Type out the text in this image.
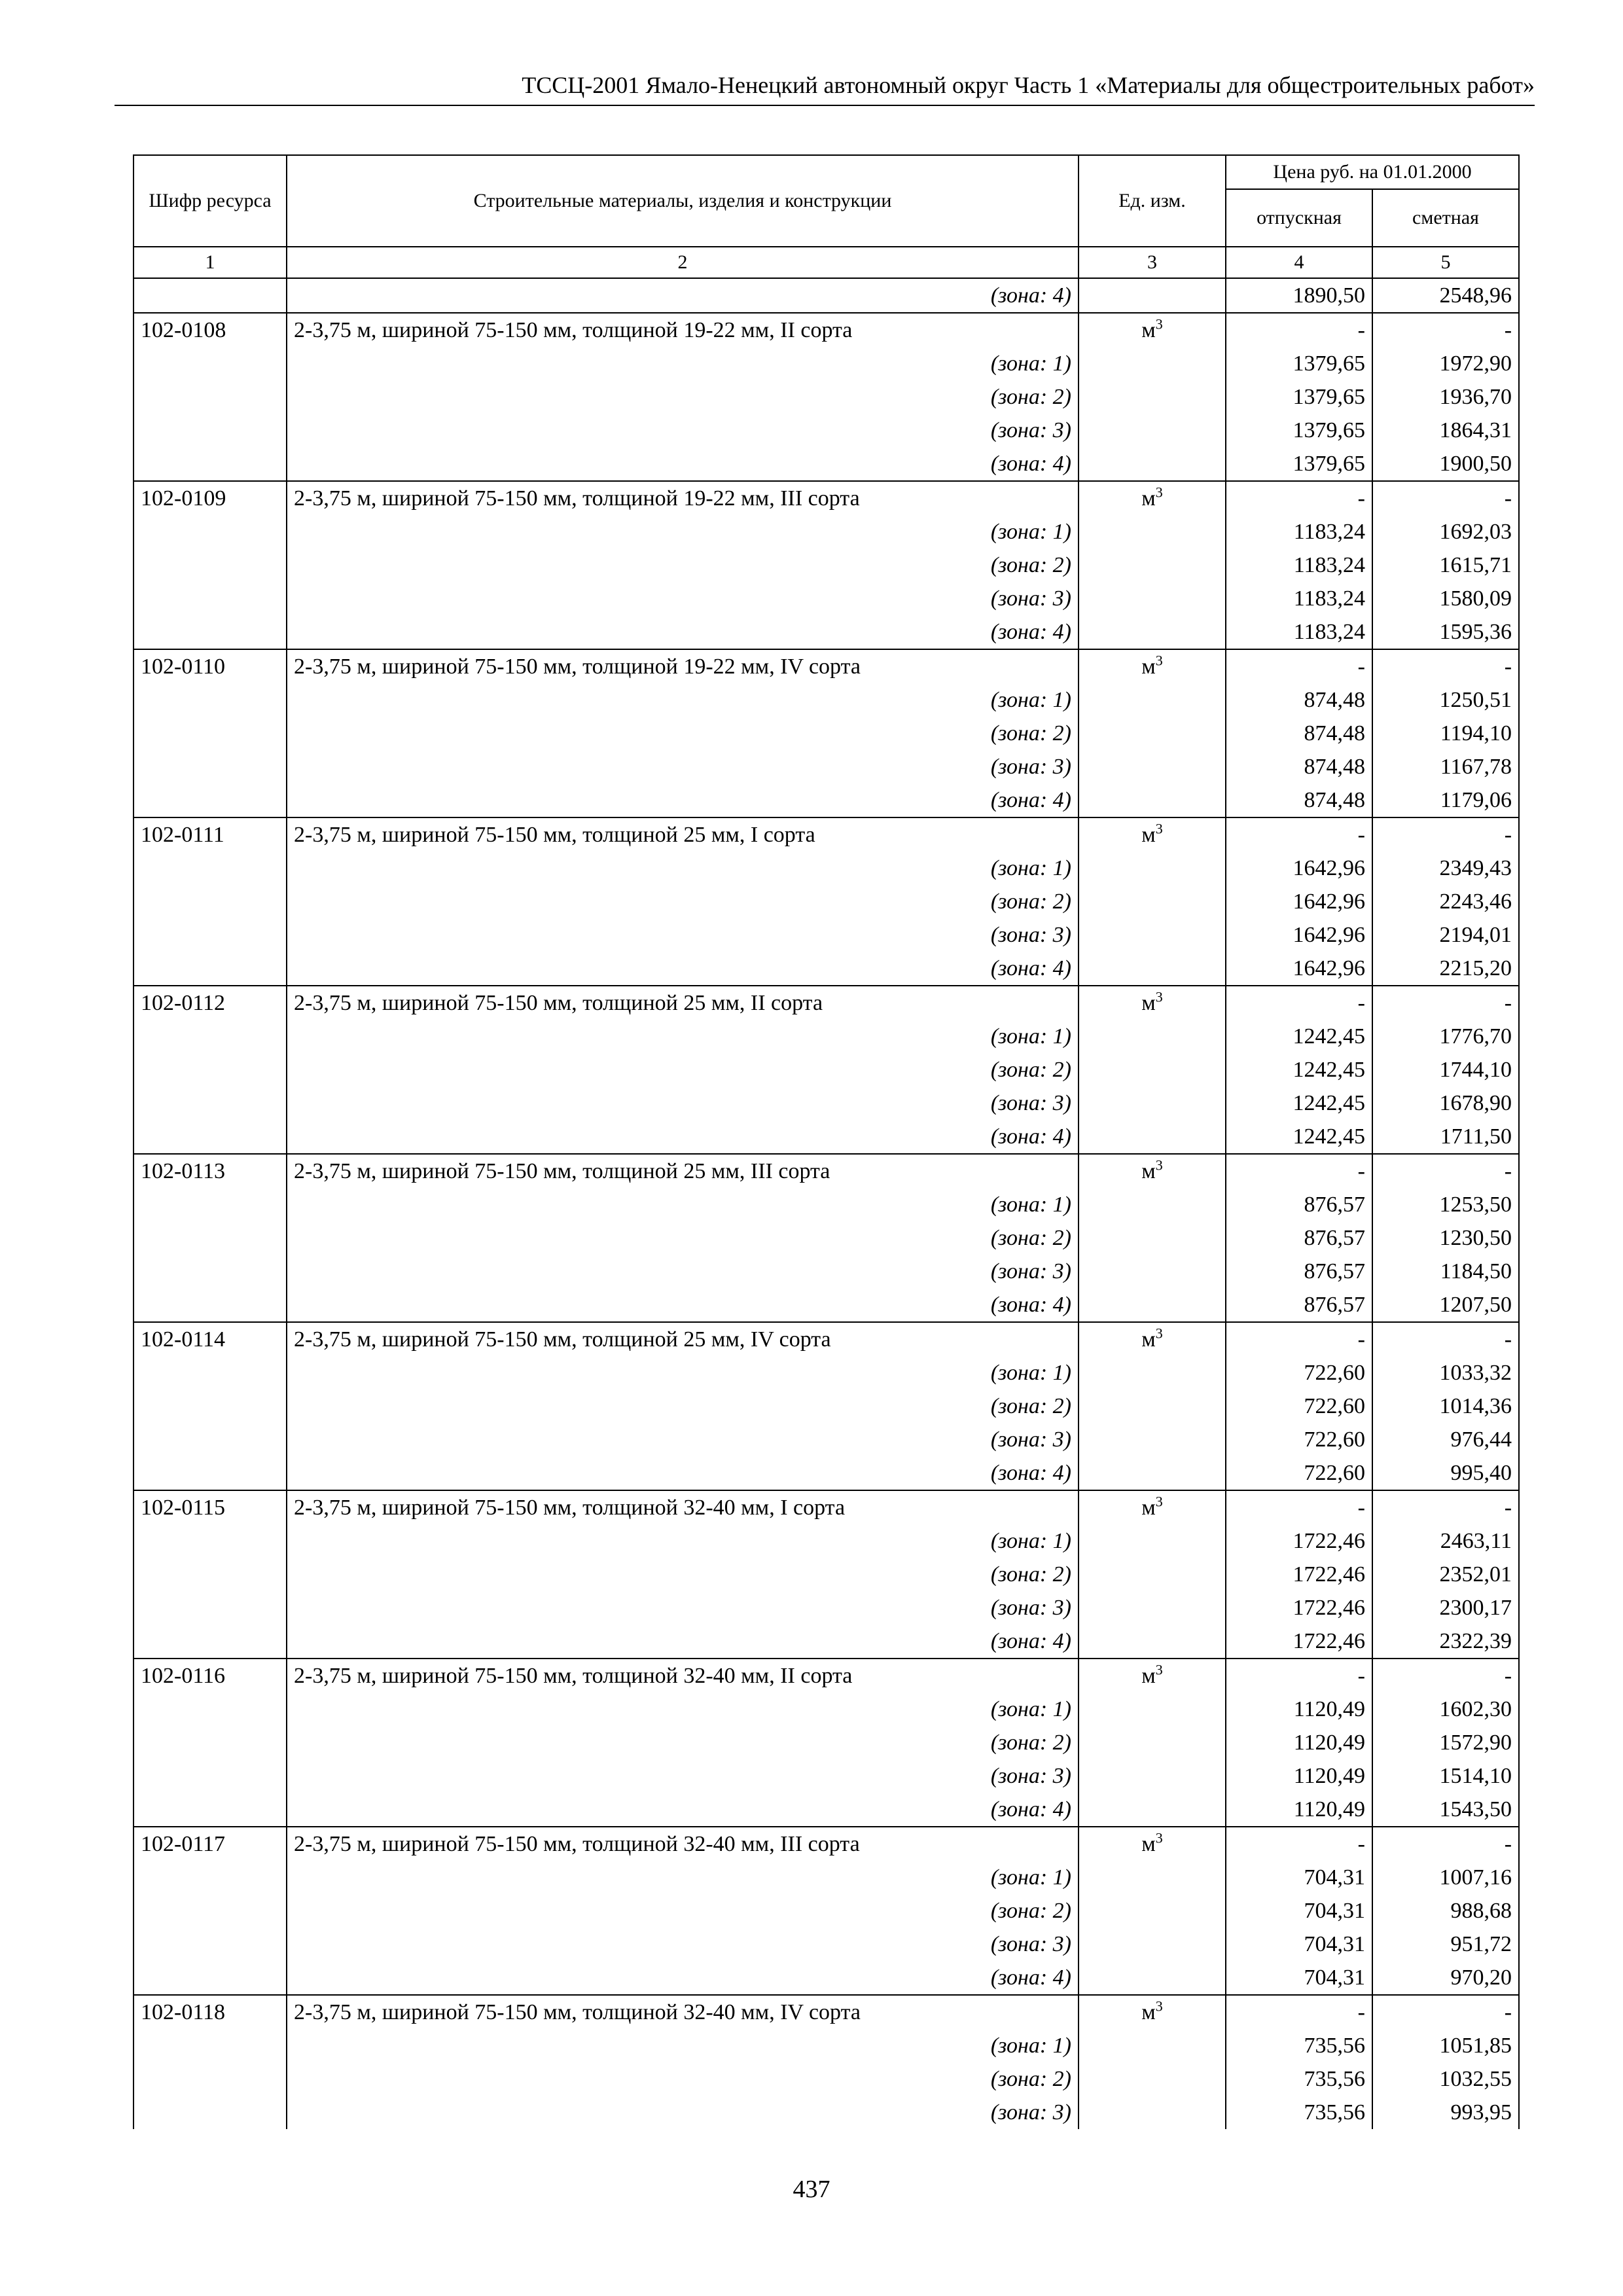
ТССЦ-2001 Ямало-Ненецкий автономный округ Часть 1 «Материалы для общестроительных работ»
Шифр ресурса	Строительные материалы, изделия и конструкции	Ед. изм.	Цена руб. на 01.01.2000	
			отпускная	сметная
1	2	3	4	5
	(зона: 4)		1890,50	2548,96
102-0108	2-3,75 м, шириной 75-150 мм, толщиной 19-22 мм, II сорта	$м^3$	-	-
	(зона: 1)		1379,65	1972,90
	(зона: 2)		1379,65	1936,70
	(зона: 3)		1379,65	1864,31
	(зона: 4)		1379,65	1900,50
102-0109	2-3,75 м, шириной 75-150 мм, толщиной 19-22 мм, III сорта	$м^3$	-	-
	(зона: 1)		1183,24	1692,03
	(зона: 2)		1183,24	1615,71
	(зона: 3)		1183,24	1580,09
	(зона: 4)		1183,24	1595,36
102-0110	2-3,75 м, шириной 75-150 мм, толщиной 19-22 мм, IV сорта	$м^3$	-	-
	(зона: 1)		874,48	1250,51
	(зона: 2)		874,48	1194,10
	(зона: 3)		874,48	1167,78
	(зона: 4)		874,48	1179,06
102-0111	2-3,75 м, шириной 75-150 мм, толщиной 25 мм, I сорта	$м^3$	-	-
	(зона: 1)		1642,96	2349,43
	(зона: 2)		1642,96	2243,46
	(зона: 3)		1642,96	2194,01
	(зона: 4)		1642,96	2215,20
102-0112	2-3,75 м, шириной 75-150 мм, толщиной 25 мм, II сорта	$м^3$	-	-
	(зона: 1)		1242,45	1776,70
	(зона: 2)		1242,45	1744,10
	(зона: 3)		1242,45	1678,90
	(зона: 4)		1242,45	1711,50
102-0113	2-3,75 м, шириной 75-150 мм, толщиной 25 мм, III сорта	$м^3$	-	-
	(зона: 1)		876,57	1253,50
	(зона: 2)		876,57	1230,50
	(зона: 3)		876,57	1184,50
	(зона: 4)		876,57	1207,50
102-0114	2-3,75 м, шириной 75-150 мм, толщиной 25 мм, IV сорта	$м^3$	-	-
	(зона: 1)		722,60	1033,32
	(зона: 2)		722,60	1014,36
	(зона: 3)		722,60	976,44
	(зона: 4)		722,60	995,40
102-0115	2-3,75 м, шириной 75-150 мм, толщиной 32-40 мм, I сорта	$м^3$	-	-
	(зона: 1)		1722,46	2463,11
	(зона: 2)		1722,46	2352,01
	(зона: 3)		1722,46	2300,17
	(зона: 4)		1722,46	2322,39
102-0116	2-3,75 м, шириной 75-150 мм, толщиной 32-40 мм, II сорта	$м^3$	-	-
	(зона: 1)		1120,49	1602,30
	(зона: 2)		1120,49	1572,90
	(зона: 3)		1120,49	1514,10
	(зона: 4)		1120,49	1543,50
102-0117	2-3,75 м, шириной 75-150 мм, толщиной 32-40 мм, III сорта	$м^3$	-	-
	(зона: 1)		704,31	1007,16
	(зона: 2)		704,31	988,68
	(зона: 3)		704,31	951,72
	(зона: 4)		704,31	970,20
102-0118	2-3,75 м, шириной 75-150 мм, толщиной 32-40 мм, IV сорта	$м^3$	-	-
	(зона: 1)		735,56	1051,85
	(зона: 2)		735,56	1032,55
	(зона: 3)		735,56	993,95
437
